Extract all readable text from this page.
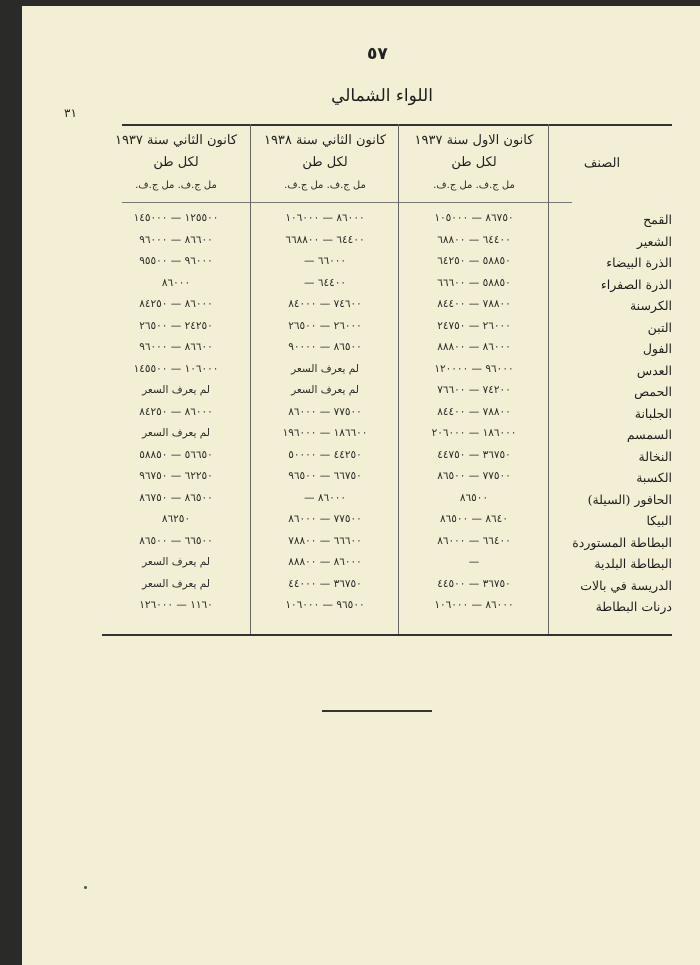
٥٧
اللواء الشمالي
٣١
الصنف
كانون الاول سنة ١٩٣٧
لكل طن
مل ج.ف. مل ج.ف.
كانون الثاني سنة ١٩٣٨
لكل طن
مل ج.ف. مل ج.ف.
كانون الثاني سنة ١٩٣٧
لكل طن
مل ج.ف. مل ج.ف.
القمح
٨٦٧٥٠ — ١٠٥٠٠٠
٨٦٠٠٠ — ١٠٦٠٠٠
١٢٥٥٠٠ — ١٤٥٠٠٠
الشعير
٦٤٤٠٠ — ٦٨٨٠٠
٦٤٤٠٠ — ٦٦٨٨٠٠
٨٦٦٠٠ — ٩٦٠٠٠
الذرة البيضاء
٥٨٨٥٠ — ٦٤٢٥٠
٦٦٠٠٠ —
٩٦٠٠٠ — ٩٥٥٠٠
الذرة الصفراء
٥٨٨٥٠ — ٦٦٦٠٠
٦٤٤٠٠ —
٨٦٠٠٠
الكرسنة
٧٨٨٠٠ — ٨٤٤٠٠
٧٤٦٠٠ — ٨٤٠٠٠
٨٦٠٠٠ — ٨٤٢٥٠
التبن
٢٦٠٠٠ — ٢٤٧٥٠
٢٦٠٠٠ — ٢٦٥٠٠
٢٤٢٥٠ — ٢٦٥٠٠
الفول
٨٦٠٠٠ — ٨٨٨٠٠
٨٦٥٠٠ — ٩٠٠٠٠
٨٦٦٠٠ — ٩٦٠٠٠
العدس
٩٦٠٠٠ — ١٢٠٠٠٠
لم يعرف السعر
١٠٦٠٠٠ — ١٤٥٥٠٠
الحمص
٧٤٢٠٠ — ٧٦٦٠٠
لم يعرف السعر
لم يعرف السعر
الجلبانة
٧٨٨٠٠ — ٨٤٤٠٠
٧٧٥٠٠ — ٨٦٠٠٠
٨٦٠٠٠ — ٨٤٢٥٠
السمسم
١٨٦٠٠٠ — ٢٠٦٠٠٠
١٨٦٦٠٠ — ١٩٦٠٠٠
لم يعرف السعر
النخالة
٣٦٧٥٠ — ٤٤٧٥٠
٤٤٢٥٠ — ٥٠٠٠٠
٥٦٦٥٠ — ٥٨٨٥٠
الكسبة
٧٧٥٠٠ — ٨٦٥٠٠
٦٦٧٥٠ — ٩٦٥٠٠
٦٢٢٥٠ — ٩٦٧٥٠
الحافور (السيلة)
٨٦٥٠٠
٨٦٠٠٠ —
٨٦٥٠٠ — ٨٦٧٥٠
البيكا
٨٦٤٠ — ٨٦٥٠٠
٧٧٥٠٠ — ٨٦٠٠٠
٨٦٢٥٠
البطاطة المستوردة
٦٦٤٠٠ — ٨٦٠٠٠
٦٦٦٠٠ — ٧٨٨٠٠
٦٦٥٠٠ — ٨٦٥٠٠
البطاطة البلدية
—
٨٦٠٠٠ — ٨٨٨٠٠
لم يعرف السعر
الدريسة في بالات
٣٦٧٥٠ — ٤٤٥٠٠
٣٦٧٥٠ — ٤٤٠٠٠
لم يعرف السعر
درنات البطاطة
٨٦٠٠٠ — ١٠٦٠٠٠
٩٦٥٠٠ — ١٠٦٠٠٠
١١٦٠ — ١٢٦٠٠٠
